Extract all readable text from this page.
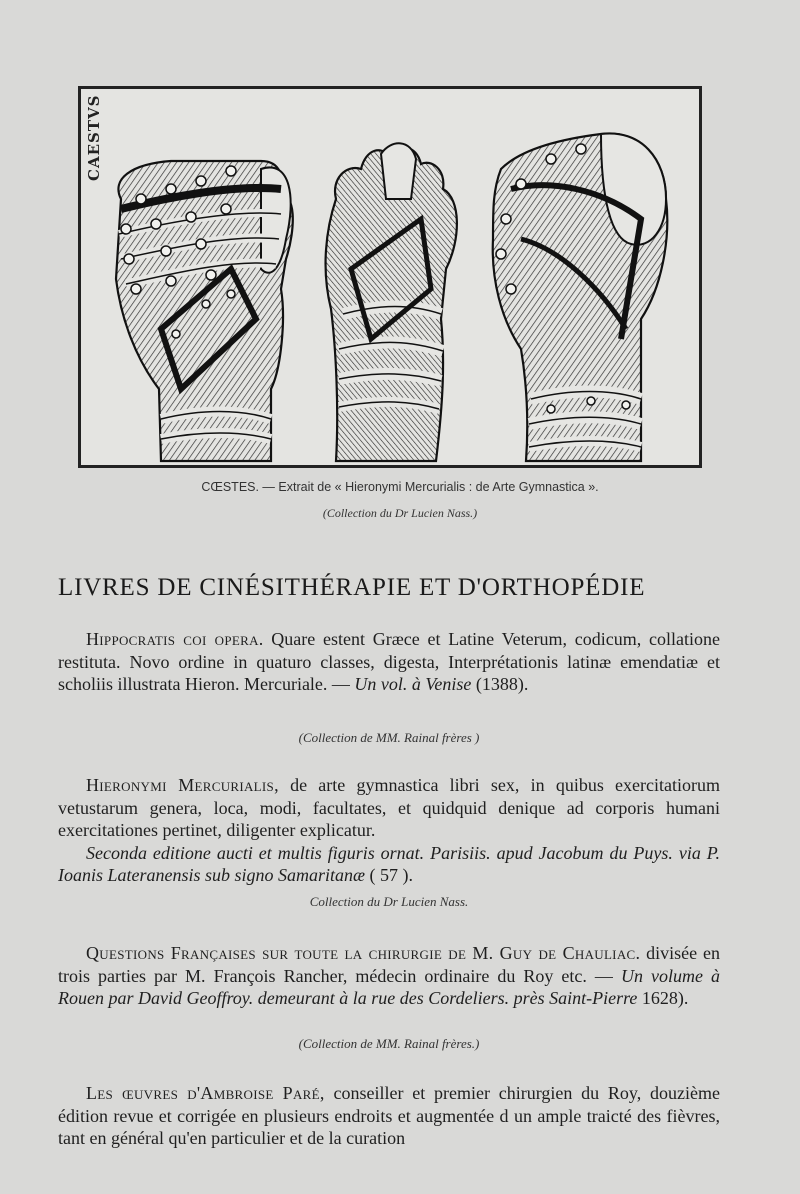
CAESTVS
CŒSTES. — Extrait de « Hieronymi Mercurialis : de Arte Gymnastica ».
(Collection du Dr Lucien Nass.)
LIVRES DE CINÉSITHÉRAPIE ET D'ORTHOPÉDIE

Hippocratis coi opera. Quare estent Græce et Latine Veterum, codicum, collatione restituta. Novo ordine in quaturo classes, digesta, Interprétationis latinæ emendatiæ et scholiis illustrata Hieron. Mercuriale. — Un vol. à Venise (1388).

(Collection de MM. Rainal frères )

Hieronymi Mercurialis, de arte gymnastica libri sex, in quibus exercitatiorum vetustarum genera, loca, modi, facultates, et quidquid denique ad corporis humani exercitationes pertinet, diligenter explicatur.

Seconda editione aucti et multis figuris ornat. Parisiis. apud Jacobum du Puys. via P. Ioanis Lateranensis sub signo Samaritanæ ( 57 ).

Collection du Dr Lucien Nass.

Questions Françaises sur toute la chirurgie de M. Guy de Chauliac. divisée en trois parties par M. François Rancher, médecin ordinaire du Roy etc. — Un volume à Rouen par David Geoffroy. demeurant à la rue des Cordeliers. près Saint-Pierre 1628).

(Collection de MM. Rainal frères.)

Les œuvres d'Ambroise Paré, conseiller et premier chirurgien du Roy, douzième édition revue et corrigée en plusieurs endroits et augmentée d un ample traicté des fièvres, tant en général qu'en particulier et de la curation
